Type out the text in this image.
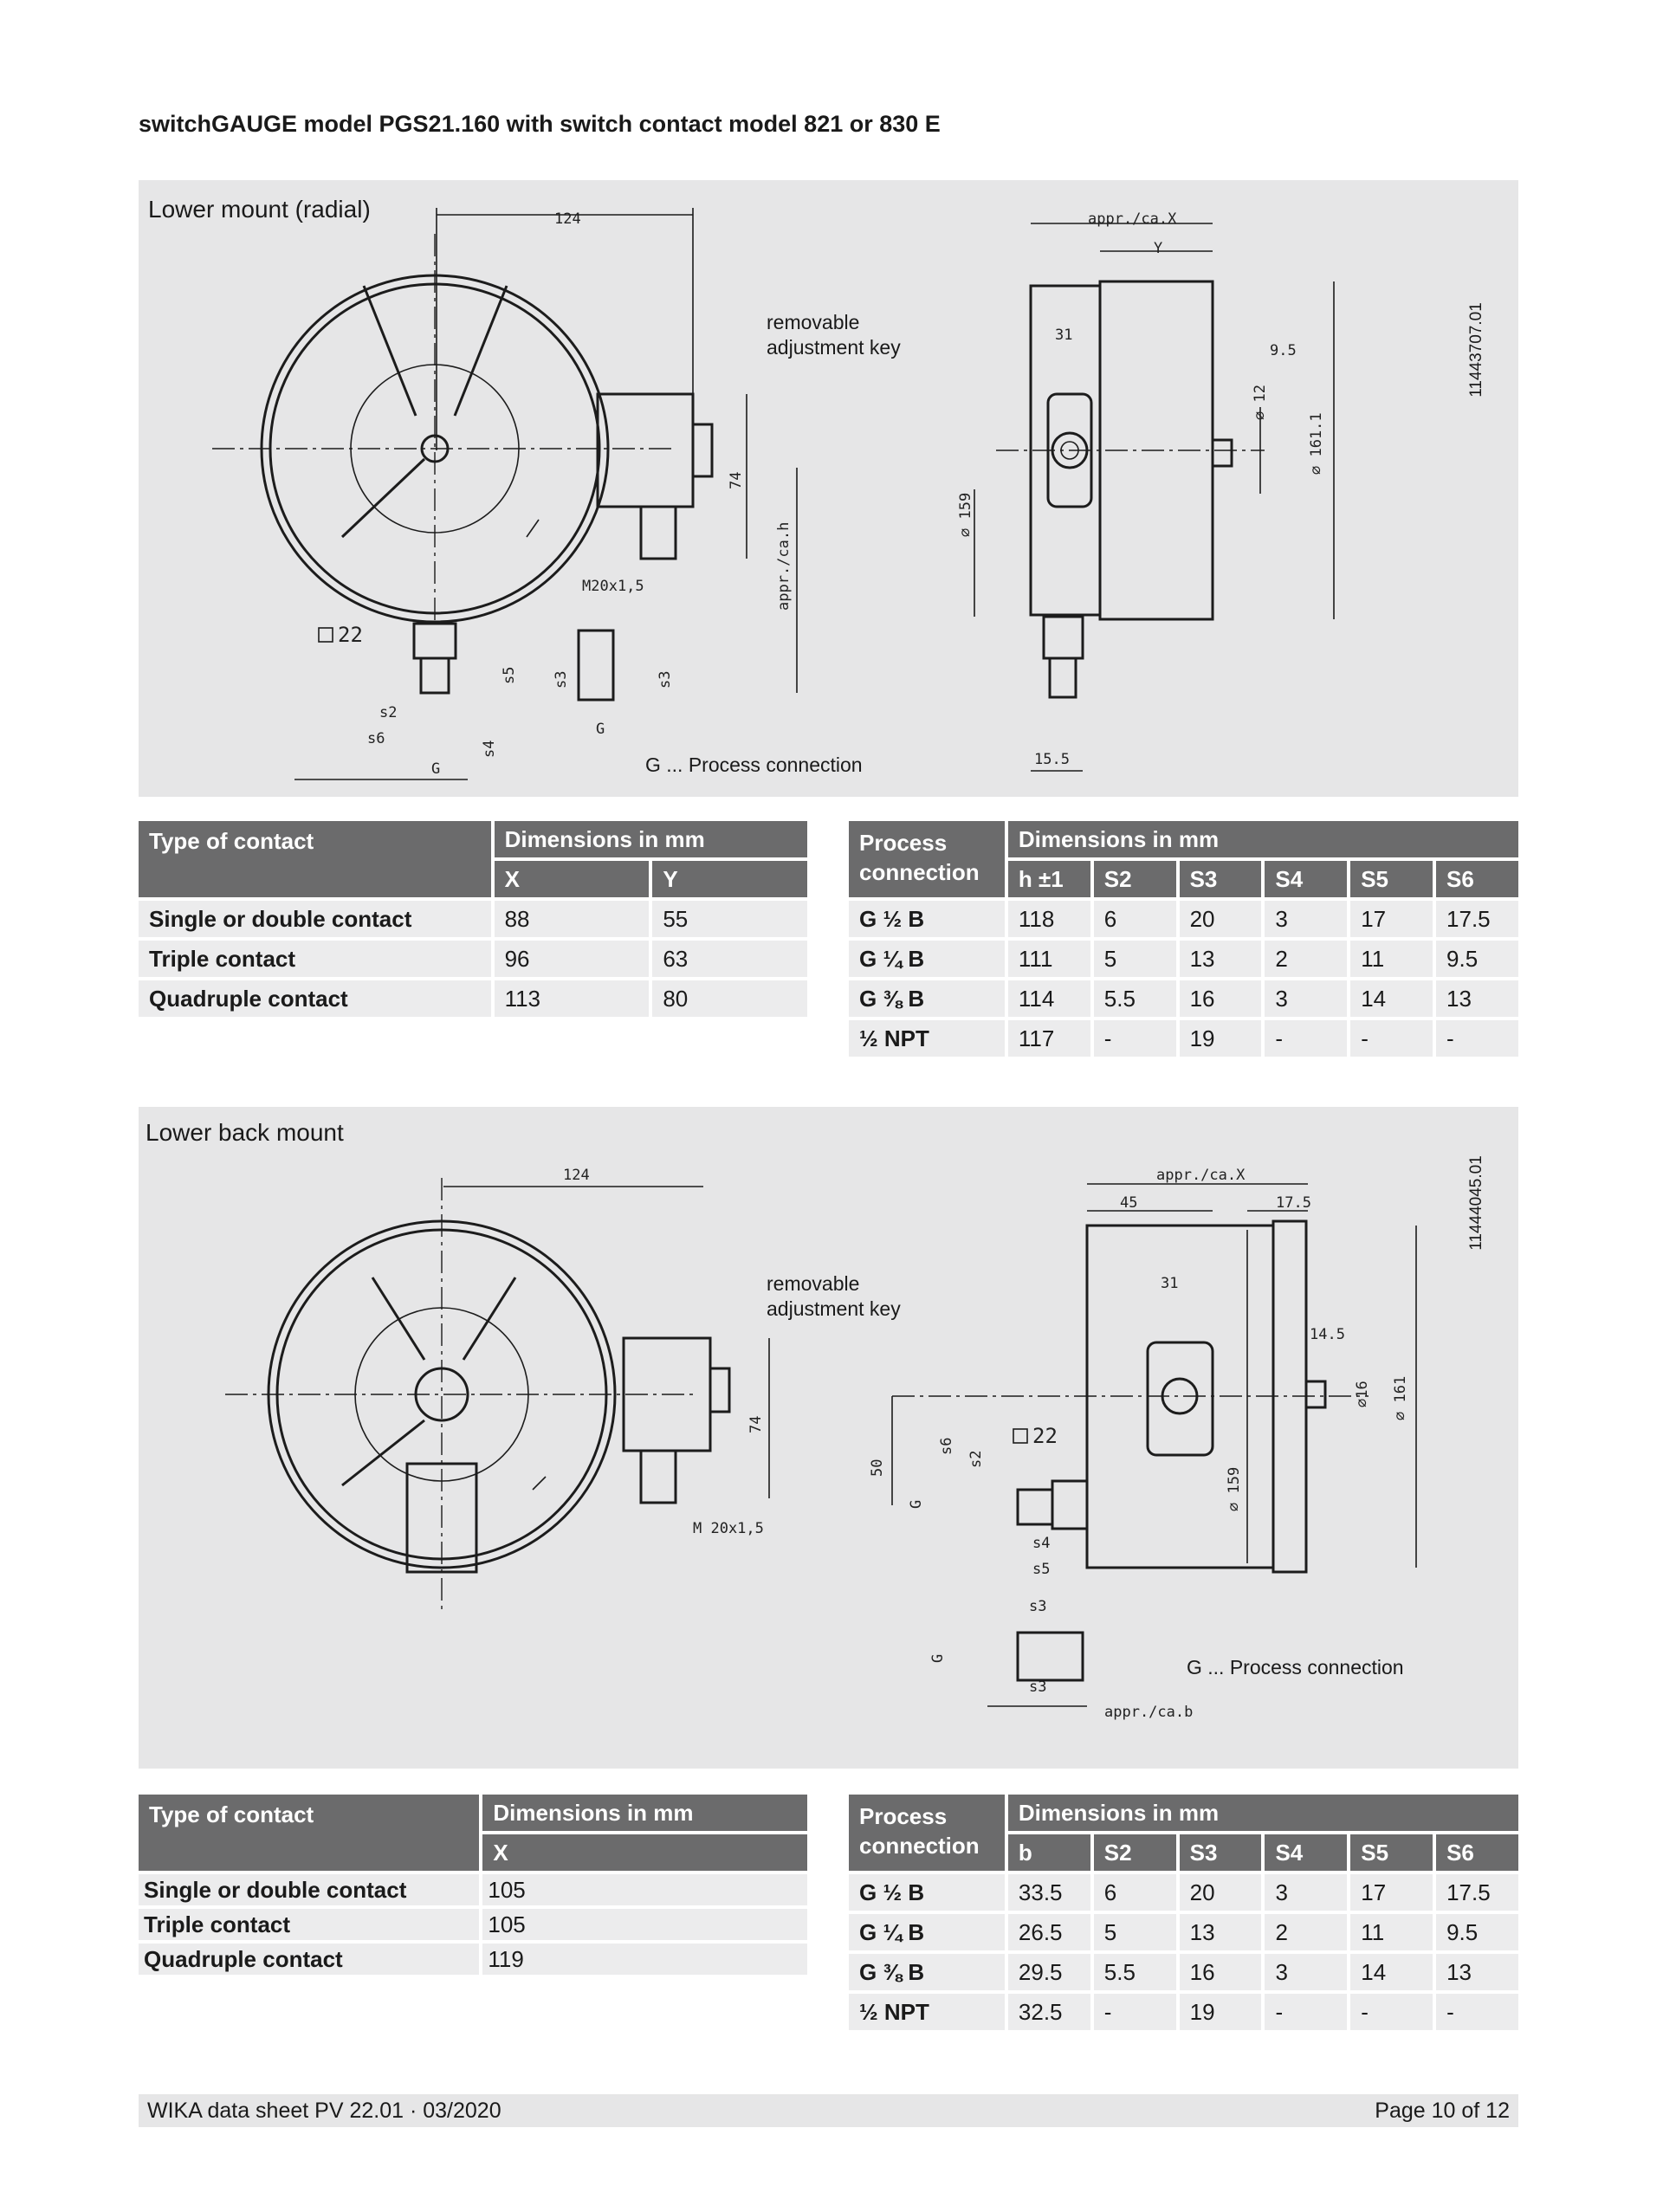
switchGAUGE model PGS21.160 with switch contact model 821 or 830 E
124
M20x1,5
22
s2
s6
G
G
s5 s3	s3
s4
74
appr./ca.h
appr./ca.X
Y
31
9.5
15.5
⌀ 12
⌀ 161.1
⌀ 159
Lower mount (radial)
removable
adjustment key
G ... Process connection
11443707.01
Type of contact	Dimensions in mm	
	X	Y
Single or double contact	88	55
Triple contact	96	63
Quadruple contact	113	80
Process connection	Dimensions in mm					
	h ±1	S2	S3	S4	S5	S6
G ½ B	118	6	20	3	17	17.5
G ¼ B	111	5	13	2	11	9.5
G ⅜ B	114	5.5	16	3	14	13
½ NPT	117	-	19	-	-	-
124
M 20x1,5
74
appr./ca.X
45	17.5
31
14.5
appr./ca.b
s4
s5
s3
s3
22
50
s6
s2
G
G
⌀ 159
⌀16 ⌀ 161
Lower back mount
removable
adjustment key
G ... Process connection
11444045.01
Type of contact	Dimensions in mm
	X
Single or double contact	105
Triple contact	105
Quadruple contact	119
Process connection	Dimensions in mm					
	b	S2	S3	S4	S5	S6
G ½ B	33.5	6	20	3	17	17.5
G ¼ B	26.5	5	13	2	11	9.5
G ⅜ B	29.5	5.5	16	3	14	13
½ NPT	32.5	-	19	-	-	-
WIKA data sheet PV 22.01 · 03/2020	Page 10 of 12
